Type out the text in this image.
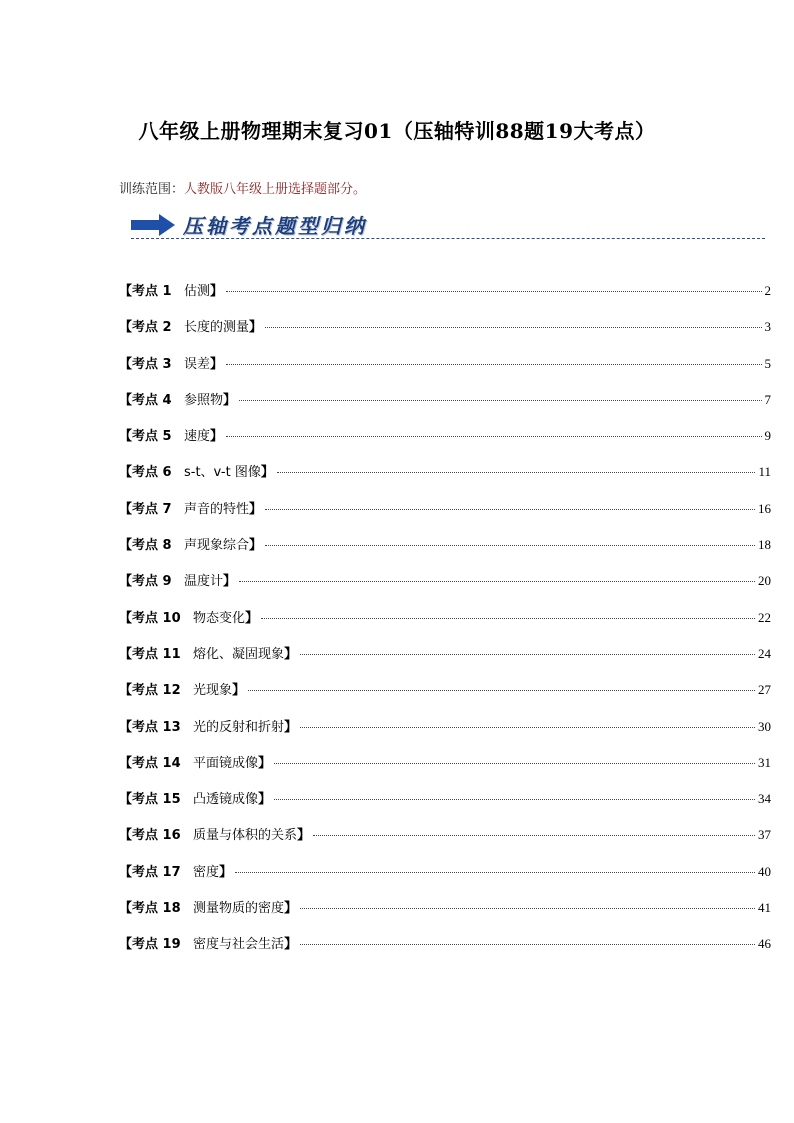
八年级上册物理期末复习01（压轴特训88题19大考点）
训练范围：人教版八年级上册选择题部分。
压轴考点题型归纳
【考点 1 估测】	2
【考点 2 长度的测量】	3
【考点 3 误差】	5
【考点 4 参照物】	7
【考点 5 速度】	9
【考点 6 s-t、v-t 图像】	11
【考点 7 声音的特性】	16
【考点 8 声现象综合】	18
【考点 9 温度计】	20
【考点 10 物态变化】	22
【考点 11 熔化、凝固现象】	24
【考点 12 光现象】	27
【考点 13 光的反射和折射】	30
【考点 14 平面镜成像】	31
【考点 15 凸透镜成像】	34
【考点 16 质量与体积的关系】	37
【考点 17 密度】	40
【考点 18 测量物质的密度】	41
【考点 19 密度与社会生活】	46
